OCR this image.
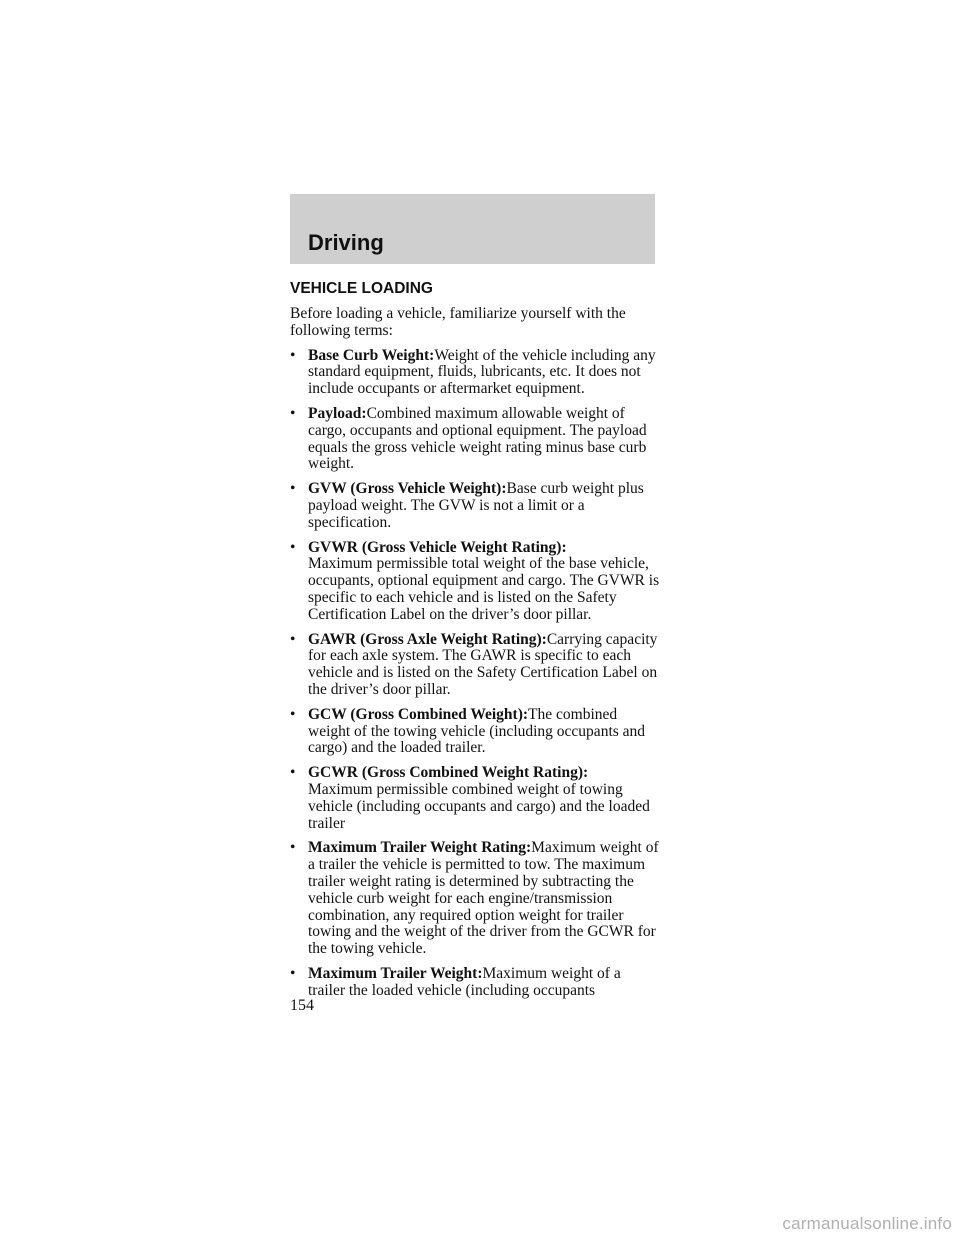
Driving
VEHICLE LOADING

Before loading a vehicle, familiarize yourself with the following terms:

• Base Curb Weight:Weight of the vehicle including any standard equipment, fluids, lubricants, etc. It does not include occupants or aftermarket equipment.
• Payload:Combined maximum allowable weight of cargo, occupants and optional equipment. The payload equals the gross vehicle weight rating minus base curb weight.
• GVW (Gross Vehicle Weight):Base curb weight plus payload weight. The GVW is not a limit or a specification.
• GVWR (Gross Vehicle Weight Rating):
Maximum permissible total weight of the base vehicle, occupants, optional equipment and cargo. The GVWR is specific to each vehicle and is listed on the Safety Certification Label on the driver’s door pillar.
• GAWR (Gross Axle Weight Rating):Carrying capacity for each axle system. The GAWR is specific to each vehicle and is listed on the Safety Certification Label on the driver’s door pillar.
• GCW (Gross Combined Weight):The combined weight of the towing vehicle (including occupants and cargo) and the loaded trailer.
• GCWR (Gross Combined Weight Rating):
Maximum permissible combined weight of towing vehicle (including occupants and cargo) and the loaded trailer
• Maximum Trailer Weight Rating:Maximum weight of a trailer the vehicle is permitted to tow. The maximum trailer weight rating is determined by subtracting the vehicle curb weight for each engine/transmission combination, any required option weight for trailer towing and the weight of the driver from the GCWR for the towing vehicle.
• Maximum Trailer Weight:Maximum weight of a trailer the loaded vehicle (including occupants
154
carmanualsonline.info
